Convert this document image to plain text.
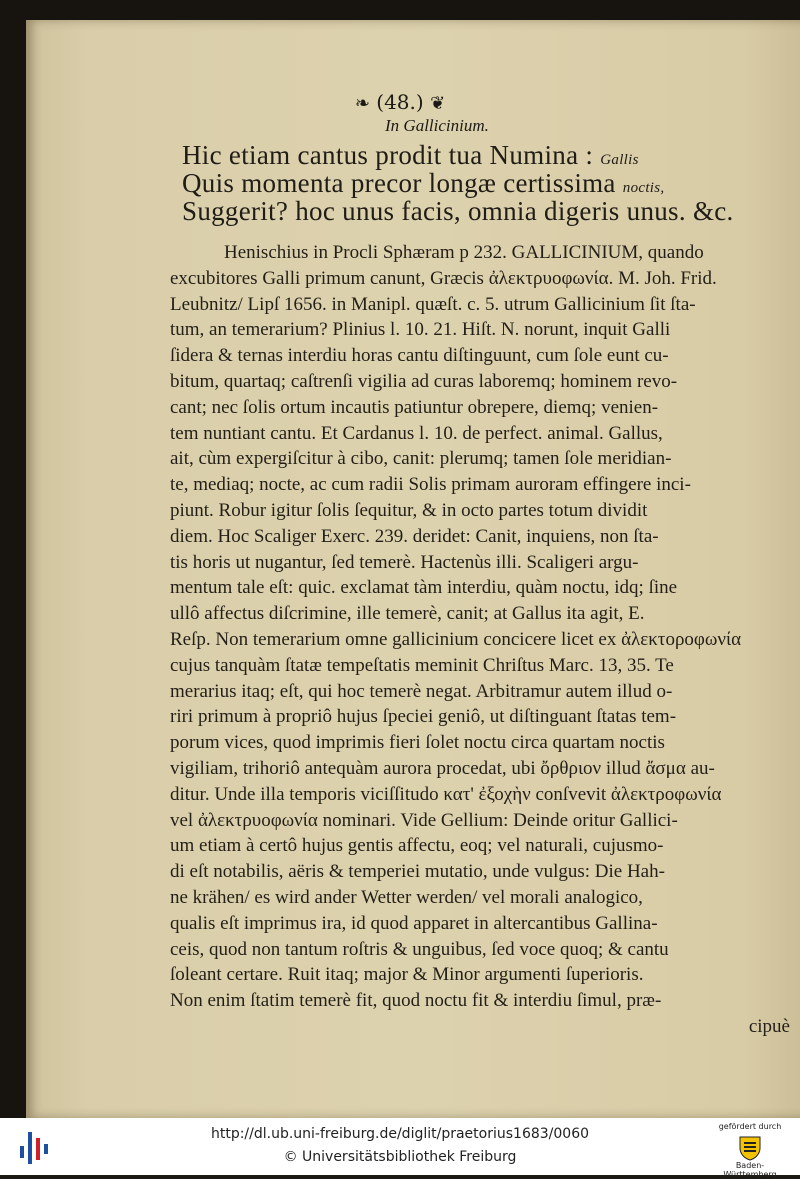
❧ (48.) ❦
In Gallicinium.
Hic etiam cantus prodit tua Numina : Gallis
Quis momenta precor longæ certissima noctis,
Suggerit? hoc unus facis, omnia digeris unus. &c.
Henischius in Procli Sphæram p 232. GALLICINIUM, quando
excubitores Galli primum canunt, Græcis ἀλεκτρυοφωνία. M. Joh. Frid.
Leubnitz/ Lipſ 1656. in Manipl. quæſt. c. 5. utrum Gallicinium ſit ſta-
tum, an temerarium? Plinius l. 10. 21. Hiſt. N. norunt, inquit Galli
ſidera & ternas interdiu horas cantu diſtinguunt, cum ſole eunt cu-
bitum, quartaq; caſtrenſi vigilia ad curas laboremq; hominem revo-
cant; nec ſolis ortum incautis patiuntur obrepere, diemq; venien-
tem nuntiant cantu. Et Cardanus l. 10. de perfect. animal. Gallus,
ait, cùm expergiſcitur à cibo, canit: plerumq; tamen ſole meridian-
te, mediaq; nocte, ac cum radii Solis primam auroram effingere inci-
piunt. Robur igitur ſolis ſequitur, & in octo partes totum dividit
diem. Hoc Scaliger Exerc. 239. deridet: Canit, inquiens, non ſta-
tis horis ut nugantur, ſed temerè. Hactenùs illi. Scaligeri argu-
mentum tale eſt: quic. exclamat tàm interdiu, quàm noctu, idq; ſine
ullô affectus diſcrimine, ille temerè, canit; at Gallus ita agit, E.
Reſp. Non temerarium omne gallicinium concicere licet ex ἀλεκτοροφωνία
cujus tanquàm ſtatæ tempeſtatis meminit Chriſtus Marc. 13, 35. Te
merarius itaq; eſt, qui hoc temerè negat. Arbitramur autem illud o-
riri primum à propriô hujus ſpeciei geniô, ut diſtinguant ſtatas tem-
porum vices, quod imprimis fieri ſolet noctu circa quartam noctis
vigiliam, trihoriô antequàm aurora procedat, ubi ὄρθριον illud ἄσμα au-
ditur. Unde illa temporis viciſſitudo κατ' ἐξοχὴν conſvevit ἀλεκτροφωνία
vel ἀλεκτρυοφωνία nominari. Vide Gellium: Deinde oritur Gallici-
um etiam à certô hujus gentis affectu, eoq; vel naturali, cujusmo-
di eſt notabilis, aëris & temperiei mutatio, unde vulgus: Die Hah-
ne krähen/ es wird ander Wetter werden/ vel morali analogico,
qualis eſt imprimus ira, id quod apparet in altercantibus Gallina-
ceis, quod non tantum roſtris & unguibus, ſed voce quoq; & cantu
ſoleant certare. Ruit itaq; major & Minor argumenti ſuperioris.
Non enim ſtatim temerè fit, quod noctu fit & interdiu ſimul, præ-
cipuè
http://dl.ub.uni-freiburg.de/diglit/praetorius1683/0060
© Universitätsbibliothek Freiburg
gefördert durch
Baden-Württemberg
